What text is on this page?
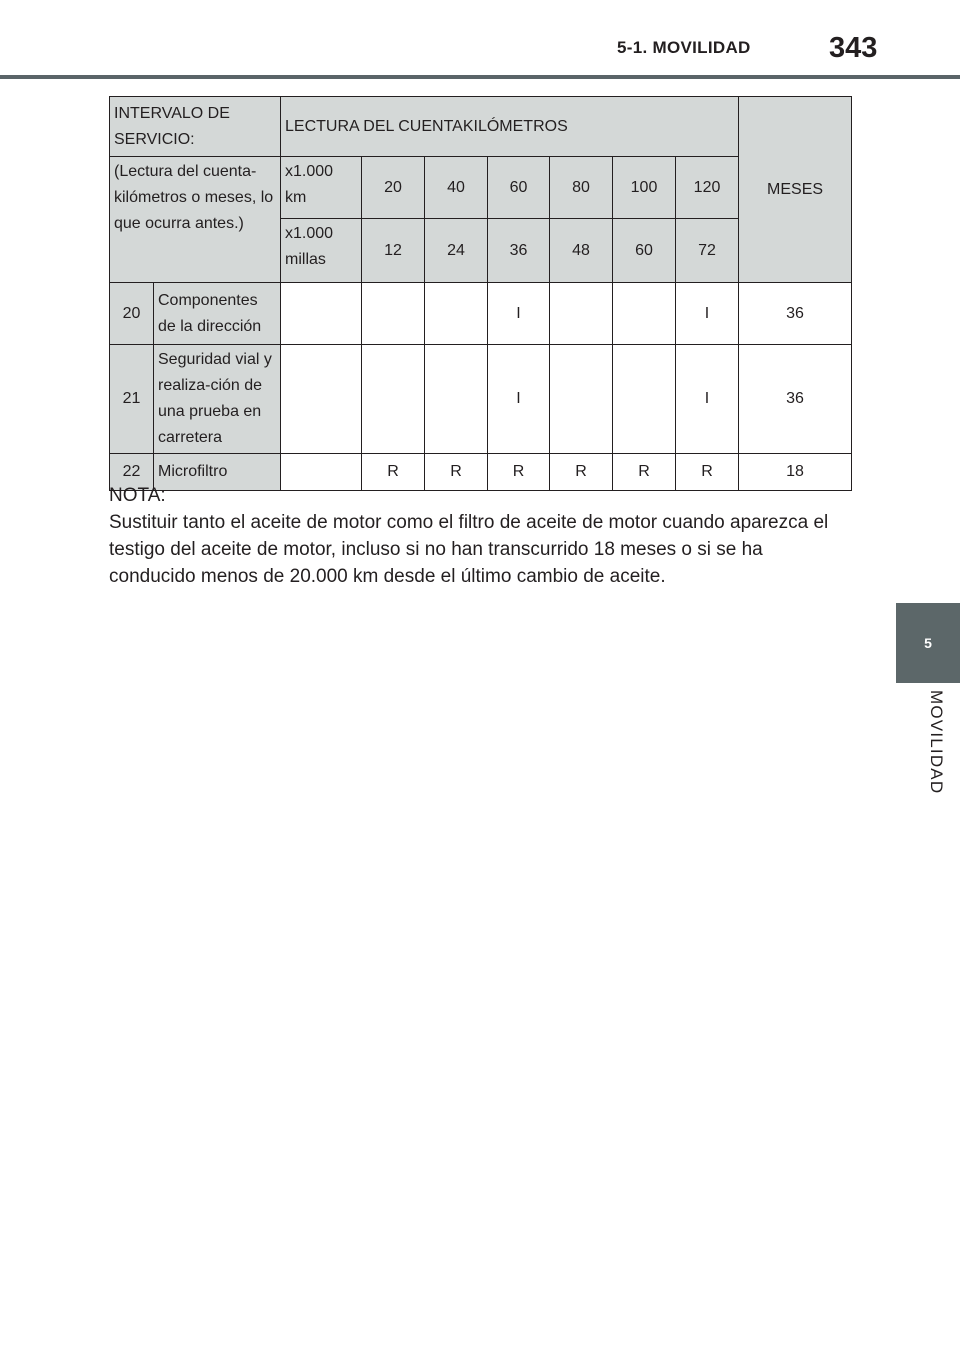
5-1. MOVILIDAD	343
5
MOVILIDAD
INTERVALO DE SERVICIO:		LECTURA DEL CUENTAKILÓMETROS							MESES
(Lectura del cuenta-kilómetros o meses, lo que ocurra antes.)		x1.000 km	20	40	60	80	100	120	
		x1.000 millas	12	24	36	48	60	72	
20	Componentes de la dirección				I			I	36
21	Seguridad vial y realiza-ción de una prueba en carretera				I			I	36
22	Microfiltro		R	R	R	R	R	R	18
NOTA:
Sustituir tanto el aceite de motor como el filtro de aceite de motor cuando aparezca el testigo del aceite de motor, incluso si no han transcurrido 18 meses o si se ha conducido menos de 20.000 km desde el último cambio de aceite.
